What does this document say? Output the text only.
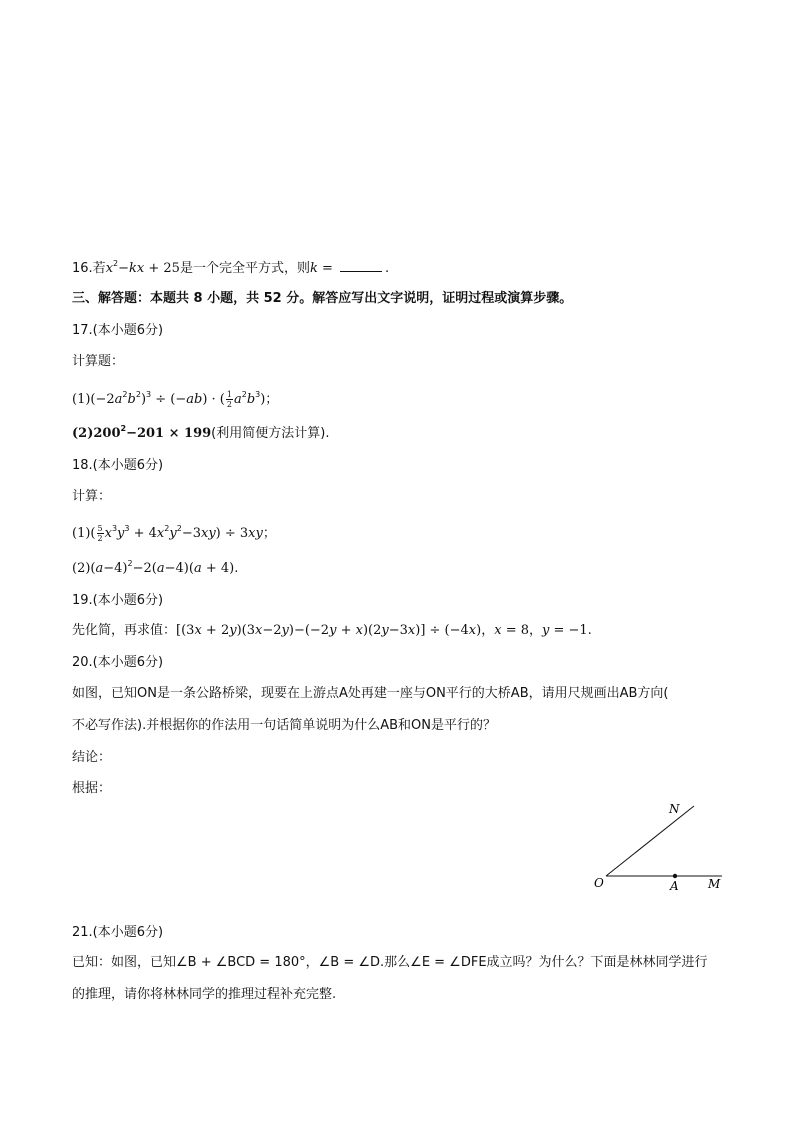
16.若$x^2-kx + 25$是一个完全平方式，则k =	.
三、解答题：本题共 8 小题，共 52 分。解答应写出文字说明，证明过程或演算步骤。
17.(本小题6分)
计算题：
$(1)(-2a^2b^2)^3 \div (-ab)$ · ( $\frac{1}{2} a^2b^3$)；
$(2)200^2-201 \times 199$(利用简便方法计算).
18.(本小题6分)
计算：
$(1)( \frac{5}{2} x^3y^3 + 4x^2y^2-3xy) \div 3xy$；
$(2)(a-4)^2-2(a-4)(a + 4)$.
19.(本小题6分)
先化简，再求值：[(3x + 2y)(3x−2y)−(−2y + x)(2y−3x)] ÷ (−4x)，x = 8，y = −1.
20.(本小题6分)
如图，已知ON是一条公路桥梁，现要在上游点A处再建一座与ON平行的大桥AB，请用尺规画出AB方向(
不必写作法).并根据你的作法用一句话简单说明为什么AB和ON是平行的？
结论：
根据：
N
O	A M
21.(本小题6分)
已知：如图，已知∠B + ∠BCD = 180°，∠B = ∠D.那么∠E = ∠DFE成立吗？为什么？下面是林林同学进行
的推理，请你将林林同学的推理过程补充完整.
